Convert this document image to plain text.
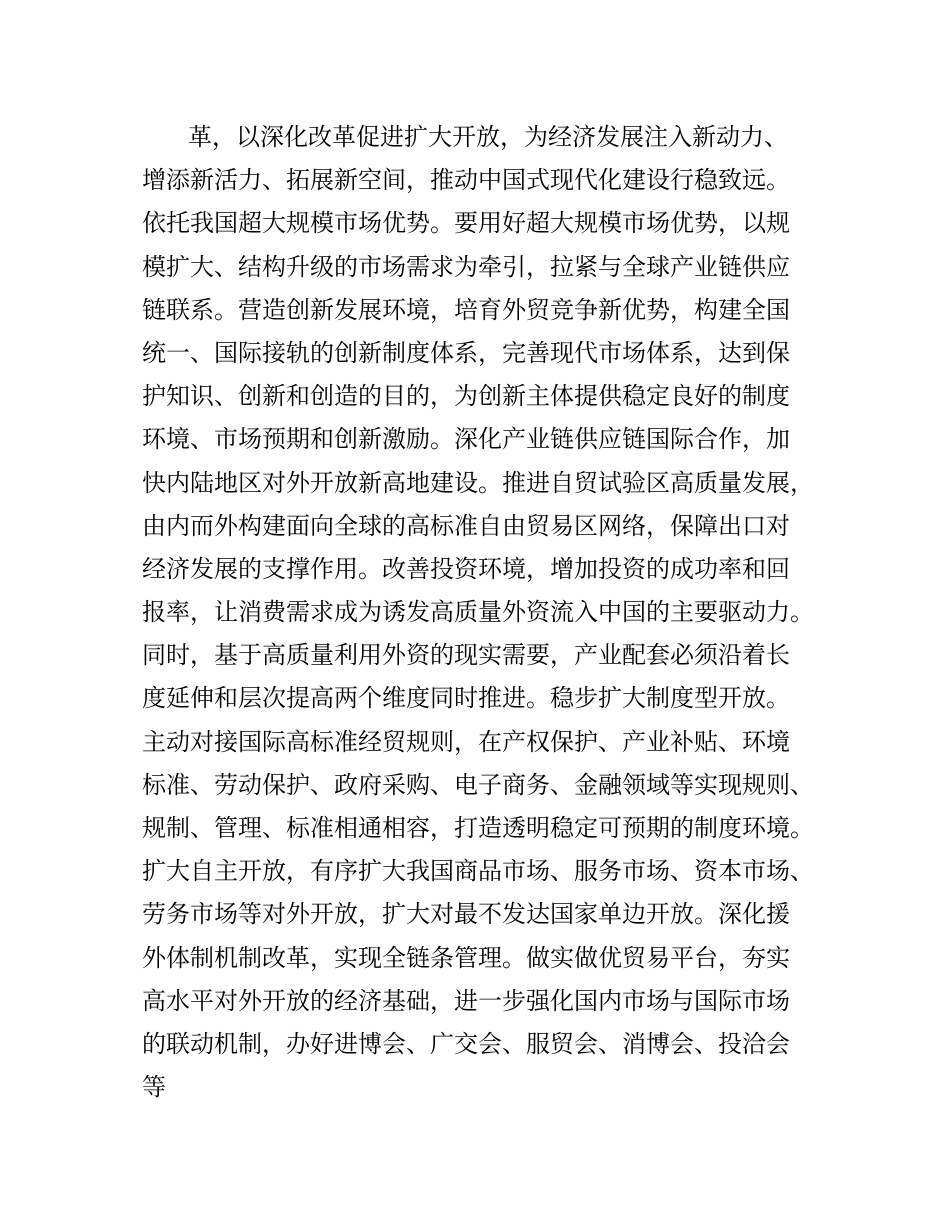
革，以深化改革促进扩大开放，为经济发展注入新动力、
增添新活力、拓展新空间，推动中国式现代化建设行稳致远。
依托我国超大规模市场优势。要用好超大规模市场优势，以规
模扩大、结构升级的市场需求为牵引，拉紧与全球产业链供应
链联系。营造创新发展环境，培育外贸竞争新优势，构建全国
统一、国际接轨的创新制度体系，完善现代市场体系，达到保
护知识、创新和创造的目的，为创新主体提供稳定良好的制度
环境、市场预期和创新激励。深化产业链供应链国际合作，加
快内陆地区对外开放新高地建设。推进自贸试验区高质量发展，
由内而外构建面向全球的高标准自由贸易区网络，保障出口对
经济发展的支撑作用。改善投资环境，增加投资的成功率和回
报率，让消费需求成为诱发高质量外资流入中国的主要驱动力。
同时，基于高质量利用外资的现实需要，产业配套必须沿着长
度延伸和层次提高两个维度同时推进。稳步扩大制度型开放。
主动对接国际高标准经贸规则，在产权保护、产业补贴、环境
标准、劳动保护、政府采购、电子商务、金融领域等实现规则、
规制、管理、标准相通相容，打造透明稳定可预期的制度环境。
扩大自主开放，有序扩大我国商品市场、服务市场、资本市场、
劳务市场等对外开放，扩大对最不发达国家单边开放。深化援
外体制机制改革，实现全链条管理。做实做优贸易平台，夯实
高水平对外开放的经济基础，进一步强化国内市场与国际市场
的联动机制，办好进博会、广交会、服贸会、消博会、投洽会
等
